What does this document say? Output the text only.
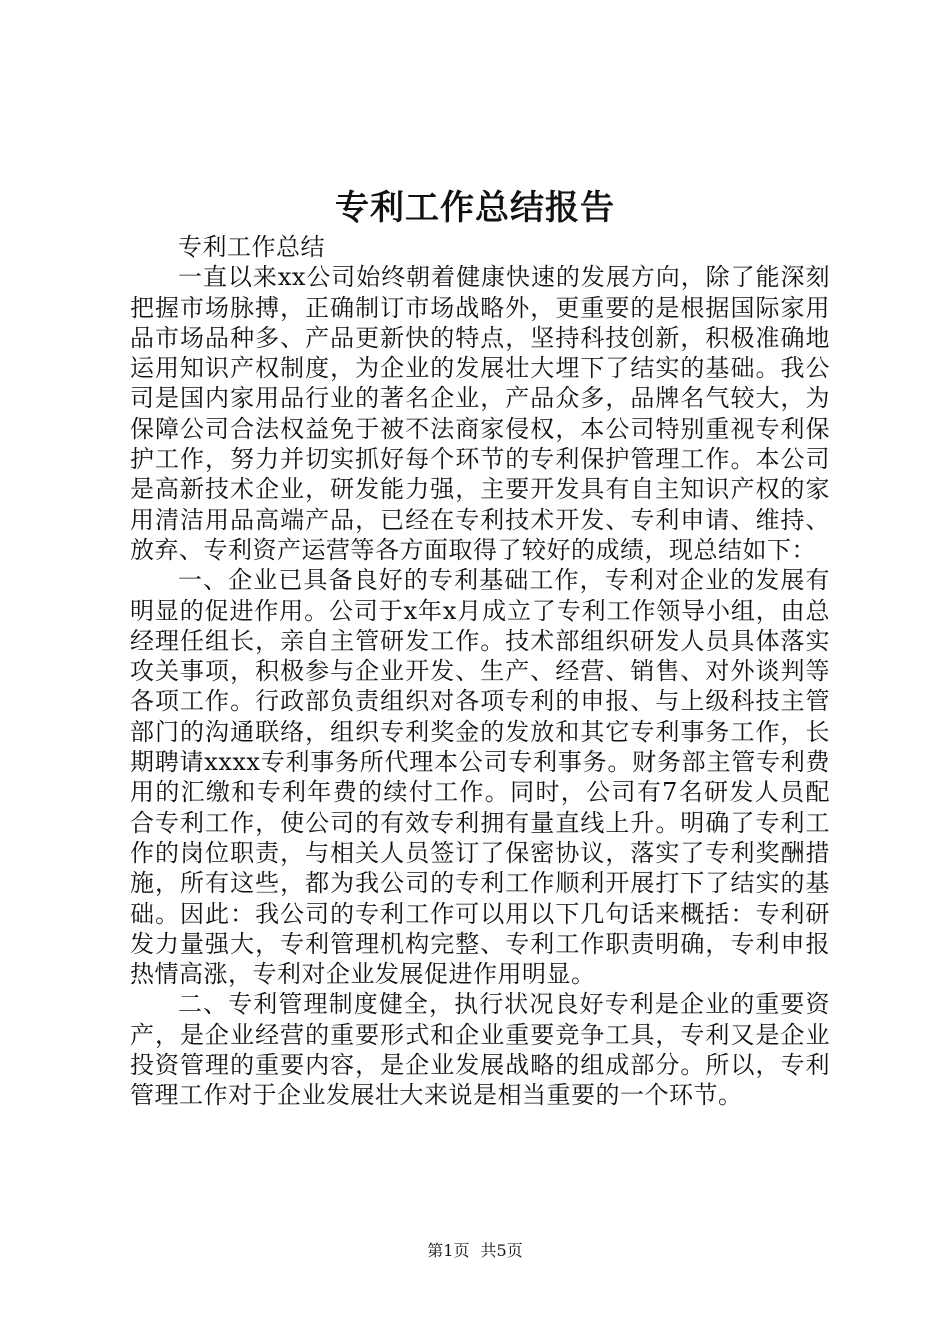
专利工作总结报告

专利工作总结

一直以来xx公司始终朝着健康快速的发展方向，除了能深刻把握市场脉搏，正确制订市场战略外，更重要的是根据国际家用品市场品种多、产品更新快的特点，坚持科技创新，积极准确地运用知识产权制度，为企业的发展壮大埋下了结实的基础。我公司是国内家用品行业的著名企业，产品众多，品牌名气较大，为保障公司合法权益免于被不法商家侵权，本公司特别重视专利保护工作，努力并切实抓好每个环节的专利保护管理工作。本公司是高新技术企业，研发能力强，主要开发具有自主知识产权的家用清洁用品高端产品，已经在专利技术开发、专利申请、维持、放弃、专利资产运营等各方面取得了较好的成绩，现总结如下：

一、企业已具备良好的专利基础工作，专利对企业的发展有明显的促进作用。公司于x年x月成立了专利工作领导小组，由总经理任组长，亲自主管研发工作。技术部组织研发人员具体落实攻关事项，积极参与企业开发、生产、经营、销售、对外谈判等各项工作。行政部负责组织对各项专利的申报、与上级科技主管部门的沟通联络，组织专利奖金的发放和其它专利事务工作，长期聘请xxxx专利事务所代理本公司专利事务。财务部主管专利费用的汇缴和专利年费的续付工作。同时，公司有7名研发人员配合专利工作，使公司的有效专利拥有量直线上升。明确了专利工作的岗位职责，与相关人员签订了保密协议，落实了专利奖酬措施，所有这些，都为我公司的专利工作顺利开展打下了结实的基础。因此：我公司的专利工作可以用以下几句话来概括：专利研发力量强大，专利管理机构完整、专利工作职责明确，专利申报热情高涨，专利对企业发展促进作用明显。

二、专利管理制度健全，执行状况良好专利是企业的重要资产，是企业经营的重要形式和企业重要竞争工具，专利又是企业投资管理的重要内容，是企业发展战略的组成部分。所以，专利管理工作对于企业发展壮大来说是相当重要的一个环节。

第1页 共5页
